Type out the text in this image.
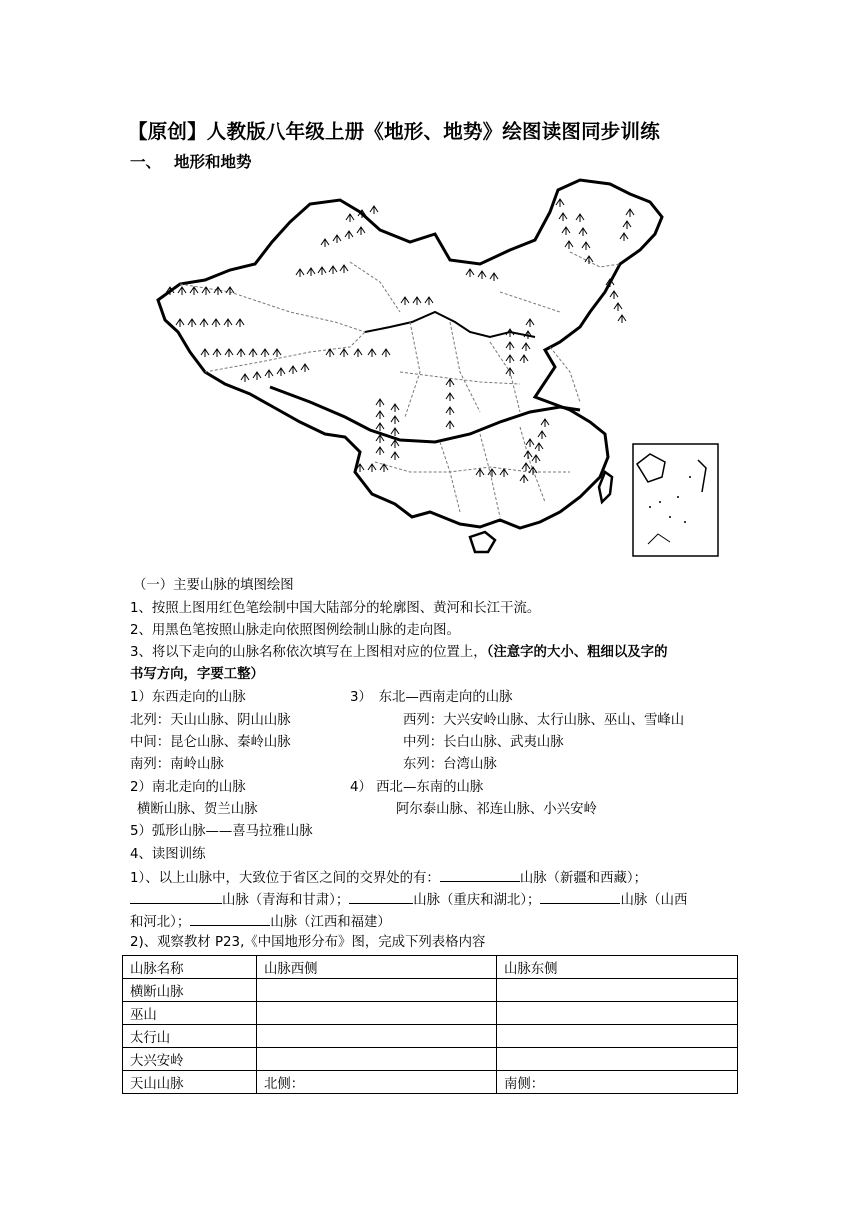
【原创】人教版八年级上册《地形、地势》绘图读图同步训练
一、 地形和地势
（一）主要山脉的填图绘图
1、按照上图用红色笔绘制中国大陆部分的轮廓图、黄河和长江干流。
2、用黑色笔按照山脉走向依照图例绘制山脉的走向图。
3、将以下走向的山脉名称依次填写在上图相对应的位置上，（注意字的大小、粗细以及字的
书写方向，字要工整）
1）东西走向的山脉	3）　东北—西南走向的山脉
北列：天山山脉、阴山山脉	西列：大兴安岭山脉、太行山脉、巫山、雪峰山
中间：昆仑山脉、秦岭山脉	中列：长白山脉、武夷山脉
南列：南岭山脉	东列：台湾山脉
2）南北走向的山脉	4） 西北—东南的山脉
横断山脉、贺兰山脉	阿尔泰山脉、祁连山脉、小兴安岭
5）弧形山脉——喜马拉雅山脉
4、读图训练
1）、以上山脉中，大致位于省区之间的交界处的有：	山脉（新疆和西藏）；
山脉（青海和甘肃）；	山脉（重庆和湖北）；	山脉（山西
和河北）；	山脉（江西和福建）
2)、观察教材 P23,《中国地形分布》图，完成下列表格内容
山脉名称	山脉西侧	山脉东侧
横断山脉		
巫山		
太行山		
大兴安岭		
天山山脉	北侧：	南侧：
